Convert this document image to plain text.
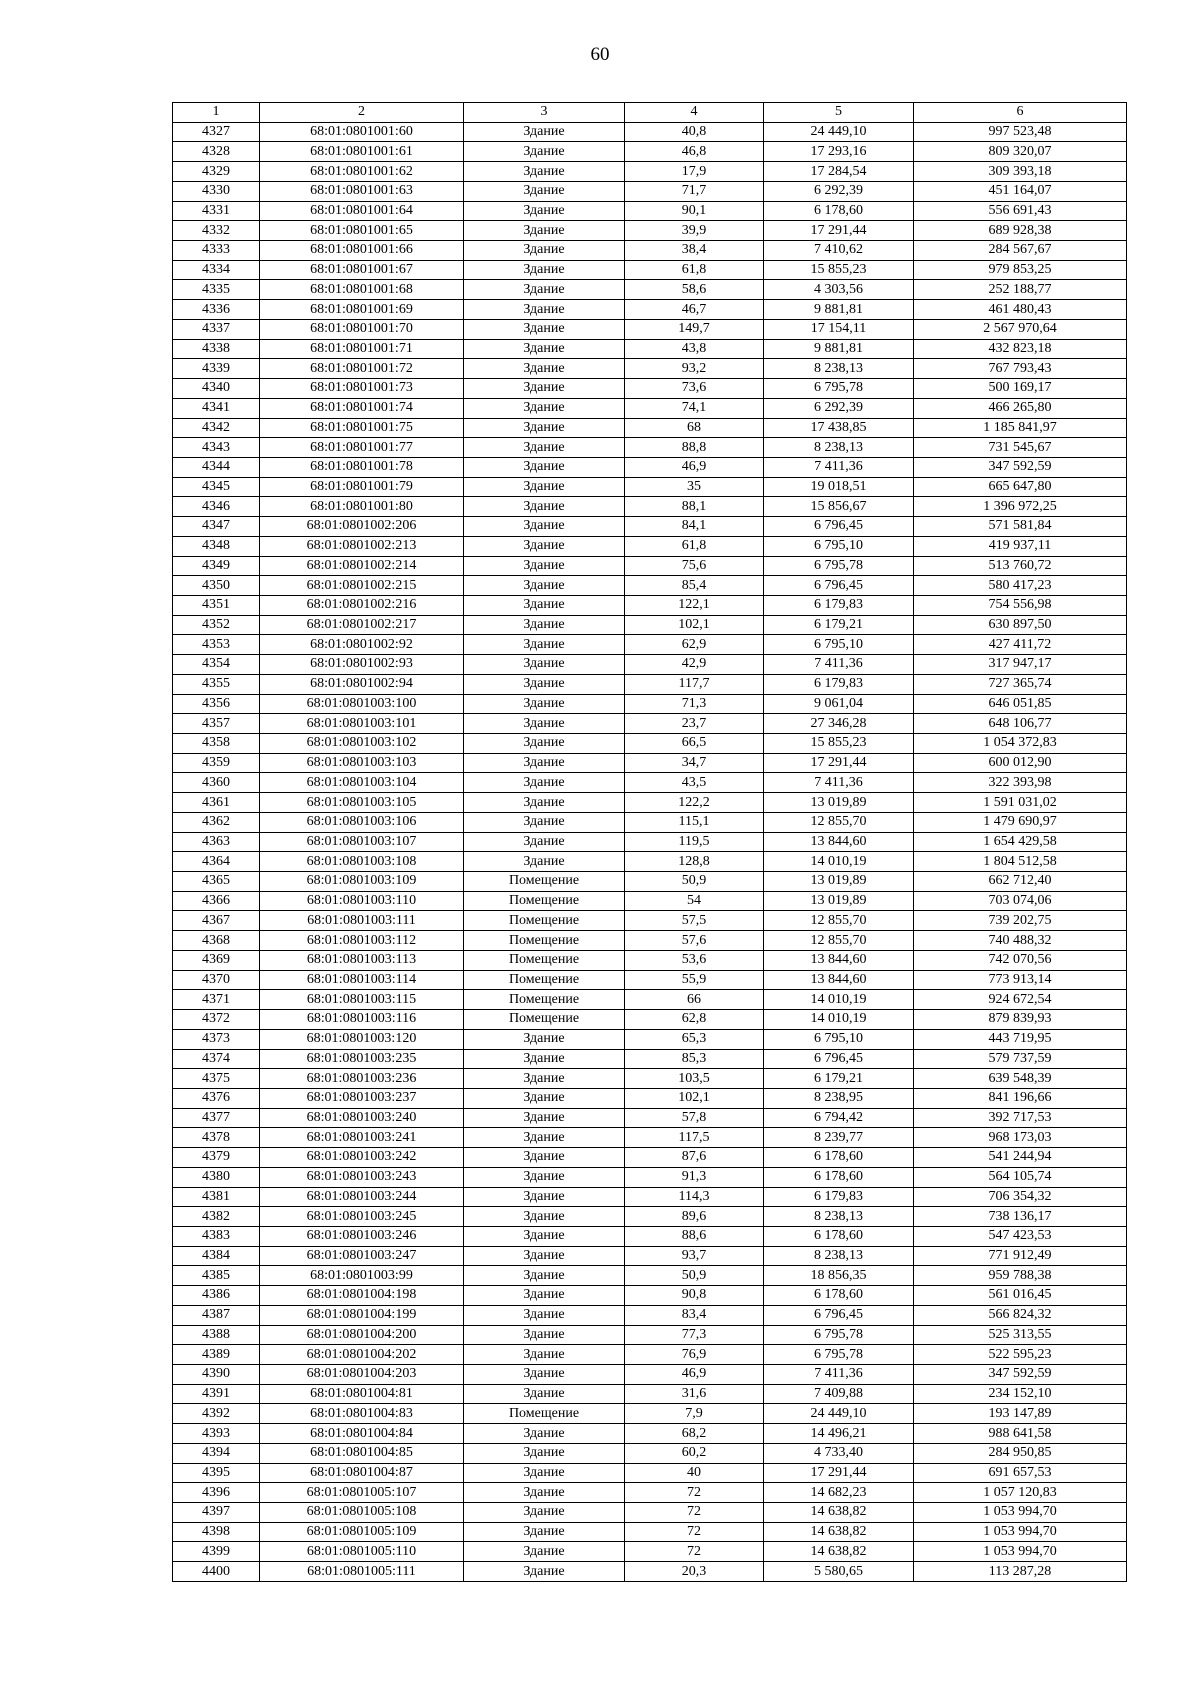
60
1	2	3	4	5	6
4327	68:01:0801001:60	Здание	40,8	24 449,10	997 523,48
4328	68:01:0801001:61	Здание	46,8	17 293,16	809 320,07
4329	68:01:0801001:62	Здание	17,9	17 284,54	309 393,18
4330	68:01:0801001:63	Здание	71,7	6 292,39	451 164,07
4331	68:01:0801001:64	Здание	90,1	6 178,60	556 691,43
4332	68:01:0801001:65	Здание	39,9	17 291,44	689 928,38
4333	68:01:0801001:66	Здание	38,4	7 410,62	284 567,67
4334	68:01:0801001:67	Здание	61,8	15 855,23	979 853,25
4335	68:01:0801001:68	Здание	58,6	4 303,56	252 188,77
4336	68:01:0801001:69	Здание	46,7	9 881,81	461 480,43
4337	68:01:0801001:70	Здание	149,7	17 154,11	2 567 970,64
4338	68:01:0801001:71	Здание	43,8	9 881,81	432 823,18
4339	68:01:0801001:72	Здание	93,2	8 238,13	767 793,43
4340	68:01:0801001:73	Здание	73,6	6 795,78	500 169,17
4341	68:01:0801001:74	Здание	74,1	6 292,39	466 265,80
4342	68:01:0801001:75	Здание	68	17 438,85	1 185 841,97
4343	68:01:0801001:77	Здание	88,8	8 238,13	731 545,67
4344	68:01:0801001:78	Здание	46,9	7 411,36	347 592,59
4345	68:01:0801001:79	Здание	35	19 018,51	665 647,80
4346	68:01:0801001:80	Здание	88,1	15 856,67	1 396 972,25
4347	68:01:0801002:206	Здание	84,1	6 796,45	571 581,84
4348	68:01:0801002:213	Здание	61,8	6 795,10	419 937,11
4349	68:01:0801002:214	Здание	75,6	6 795,78	513 760,72
4350	68:01:0801002:215	Здание	85,4	6 796,45	580 417,23
4351	68:01:0801002:216	Здание	122,1	6 179,83	754 556,98
4352	68:01:0801002:217	Здание	102,1	6 179,21	630 897,50
4353	68:01:0801002:92	Здание	62,9	6 795,10	427 411,72
4354	68:01:0801002:93	Здание	42,9	7 411,36	317 947,17
4355	68:01:0801002:94	Здание	117,7	6 179,83	727 365,74
4356	68:01:0801003:100	Здание	71,3	9 061,04	646 051,85
4357	68:01:0801003:101	Здание	23,7	27 346,28	648 106,77
4358	68:01:0801003:102	Здание	66,5	15 855,23	1 054 372,83
4359	68:01:0801003:103	Здание	34,7	17 291,44	600 012,90
4360	68:01:0801003:104	Здание	43,5	7 411,36	322 393,98
4361	68:01:0801003:105	Здание	122,2	13 019,89	1 591 031,02
4362	68:01:0801003:106	Здание	115,1	12 855,70	1 479 690,97
4363	68:01:0801003:107	Здание	119,5	13 844,60	1 654 429,58
4364	68:01:0801003:108	Здание	128,8	14 010,19	1 804 512,58
4365	68:01:0801003:109	Помещение	50,9	13 019,89	662 712,40
4366	68:01:0801003:110	Помещение	54	13 019,89	703 074,06
4367	68:01:0801003:111	Помещение	57,5	12 855,70	739 202,75
4368	68:01:0801003:112	Помещение	57,6	12 855,70	740 488,32
4369	68:01:0801003:113	Помещение	53,6	13 844,60	742 070,56
4370	68:01:0801003:114	Помещение	55,9	13 844,60	773 913,14
4371	68:01:0801003:115	Помещение	66	14 010,19	924 672,54
4372	68:01:0801003:116	Помещение	62,8	14 010,19	879 839,93
4373	68:01:0801003:120	Здание	65,3	6 795,10	443 719,95
4374	68:01:0801003:235	Здание	85,3	6 796,45	579 737,59
4375	68:01:0801003:236	Здание	103,5	6 179,21	639 548,39
4376	68:01:0801003:237	Здание	102,1	8 238,95	841 196,66
4377	68:01:0801003:240	Здание	57,8	6 794,42	392 717,53
4378	68:01:0801003:241	Здание	117,5	8 239,77	968 173,03
4379	68:01:0801003:242	Здание	87,6	6 178,60	541 244,94
4380	68:01:0801003:243	Здание	91,3	6 178,60	564 105,74
4381	68:01:0801003:244	Здание	114,3	6 179,83	706 354,32
4382	68:01:0801003:245	Здание	89,6	8 238,13	738 136,17
4383	68:01:0801003:246	Здание	88,6	6 178,60	547 423,53
4384	68:01:0801003:247	Здание	93,7	8 238,13	771 912,49
4385	68:01:0801003:99	Здание	50,9	18 856,35	959 788,38
4386	68:01:0801004:198	Здание	90,8	6 178,60	561 016,45
4387	68:01:0801004:199	Здание	83,4	6 796,45	566 824,32
4388	68:01:0801004:200	Здание	77,3	6 795,78	525 313,55
4389	68:01:0801004:202	Здание	76,9	6 795,78	522 595,23
4390	68:01:0801004:203	Здание	46,9	7 411,36	347 592,59
4391	68:01:0801004:81	Здание	31,6	7 409,88	234 152,10
4392	68:01:0801004:83	Помещение	7,9	24 449,10	193 147,89
4393	68:01:0801004:84	Здание	68,2	14 496,21	988 641,58
4394	68:01:0801004:85	Здание	60,2	4 733,40	284 950,85
4395	68:01:0801004:87	Здание	40	17 291,44	691 657,53
4396	68:01:0801005:107	Здание	72	14 682,23	1 057 120,83
4397	68:01:0801005:108	Здание	72	14 638,82	1 053 994,70
4398	68:01:0801005:109	Здание	72	14 638,82	1 053 994,70
4399	68:01:0801005:110	Здание	72	14 638,82	1 053 994,70
4400	68:01:0801005:111	Здание	20,3	5 580,65	113 287,28
